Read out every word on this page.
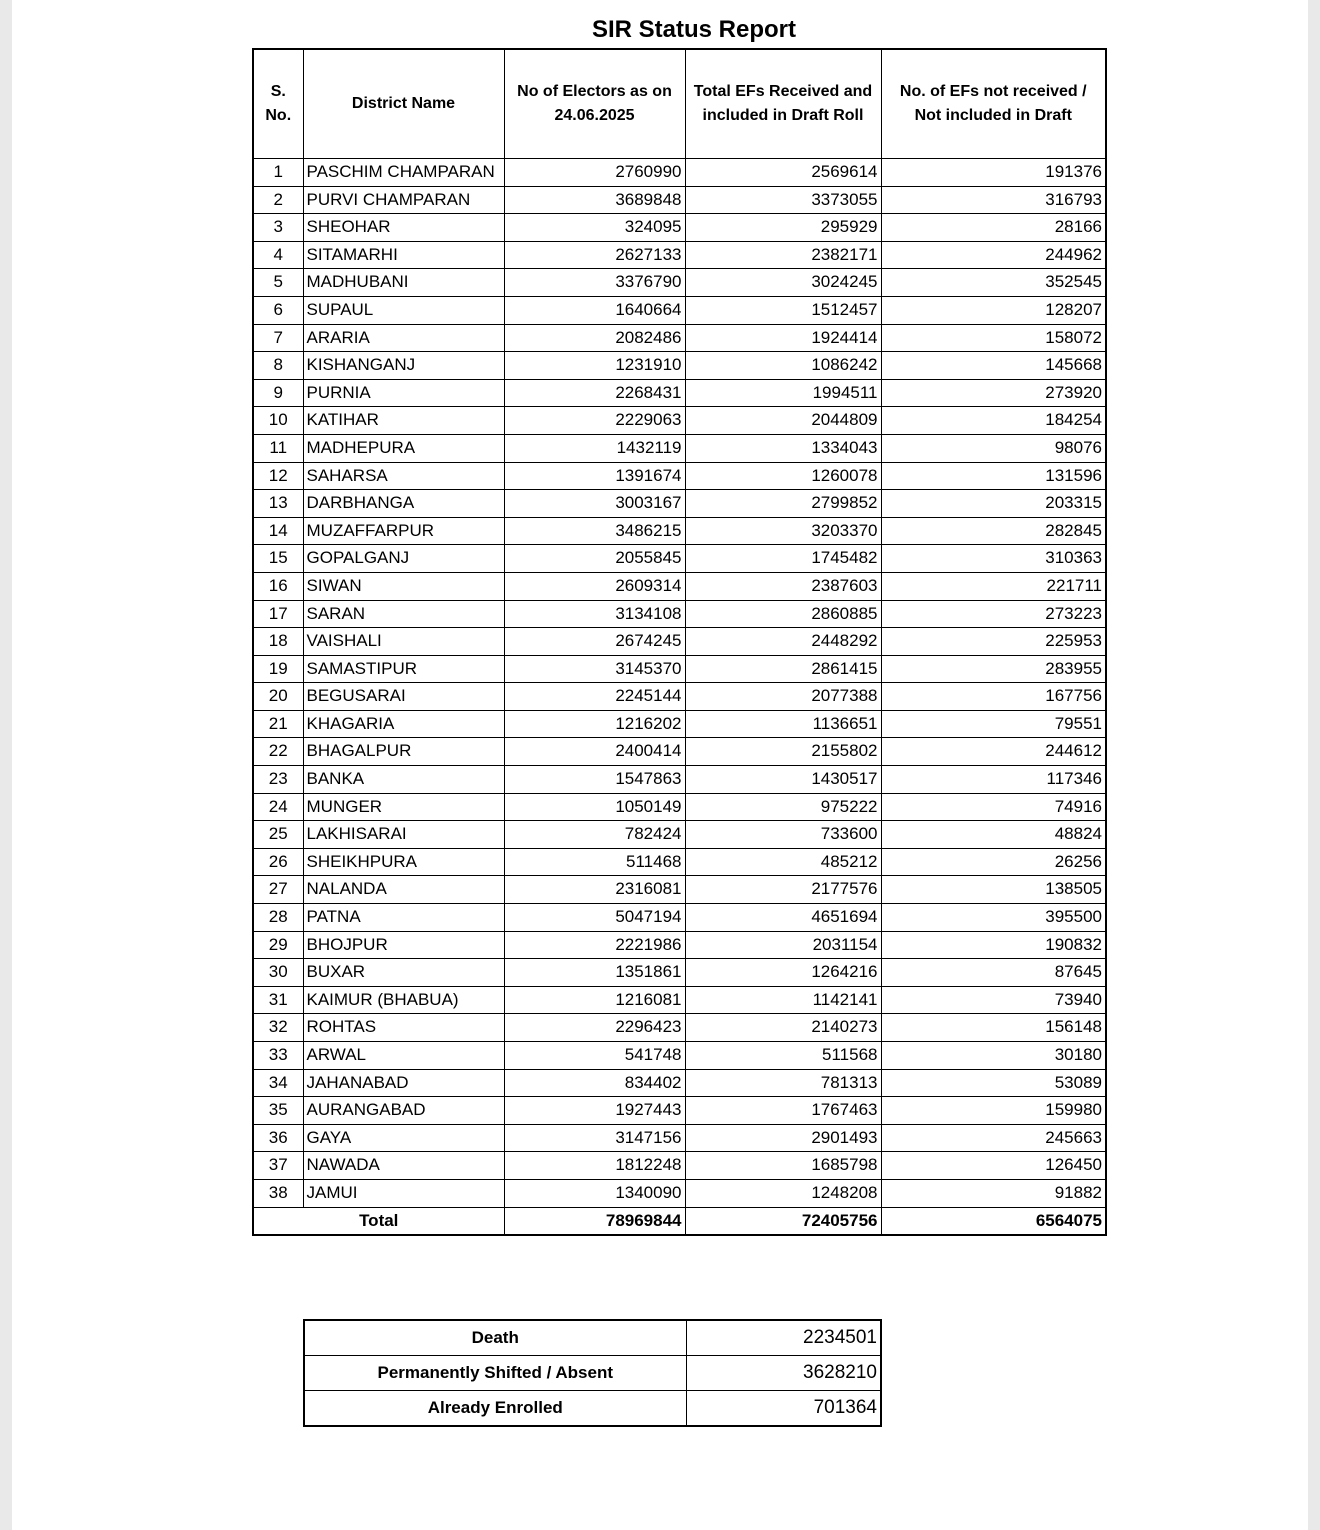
SIR Status Report
S. No.	District Name	No of Electors as on 24.06.2025	Total EFs Received and included in Draft Roll	No. of EFs not received / Not included in Draft
1	PASCHIM CHAMPARAN	2760990	2569614	191376
2	PURVI CHAMPARAN	3689848	3373055	316793
3	SHEOHAR	324095	295929	28166
4	SITAMARHI	2627133	2382171	244962
5	MADHUBANI	3376790	3024245	352545
6	SUPAUL	1640664	1512457	128207
7	ARARIA	2082486	1924414	158072
8	KISHANGANJ	1231910	1086242	145668
9	PURNIA	2268431	1994511	273920
10	KATIHAR	2229063	2044809	184254
11	MADHEPURA	1432119	1334043	98076
12	SAHARSA	1391674	1260078	131596
13	DARBHANGA	3003167	2799852	203315
14	MUZAFFARPUR	3486215	3203370	282845
15	GOPALGANJ	2055845	1745482	310363
16	SIWAN	2609314	2387603	221711
17	SARAN	3134108	2860885	273223
18	VAISHALI	2674245	2448292	225953
19	SAMASTIPUR	3145370	2861415	283955
20	BEGUSARAI	2245144	2077388	167756
21	KHAGARIA	1216202	1136651	79551
22	BHAGALPUR	2400414	2155802	244612
23	BANKA	1547863	1430517	117346
24	MUNGER	1050149	975222	74916
25	LAKHISARAI	782424	733600	48824
26	SHEIKHPURA	511468	485212	26256
27	NALANDA	2316081	2177576	138505
28	PATNA	5047194	4651694	395500
29	BHOJPUR	2221986	2031154	190832
30	BUXAR	1351861	1264216	87645
31	KAIMUR (BHABUA)	1216081	1142141	73940
32	ROHTAS	2296423	2140273	156148
33	ARWAL	541748	511568	30180
34	JAHANABAD	834402	781313	53089
35	AURANGABAD	1927443	1767463	159980
36	GAYA	3147156	2901493	245663
37	NAWADA	1812248	1685798	126450
38	JAMUI	1340090	1248208	91882
Total		78969844	72405756	6564075
Death	2234501
Permanently Shifted / Absent	3628210
Already Enrolled	701364
